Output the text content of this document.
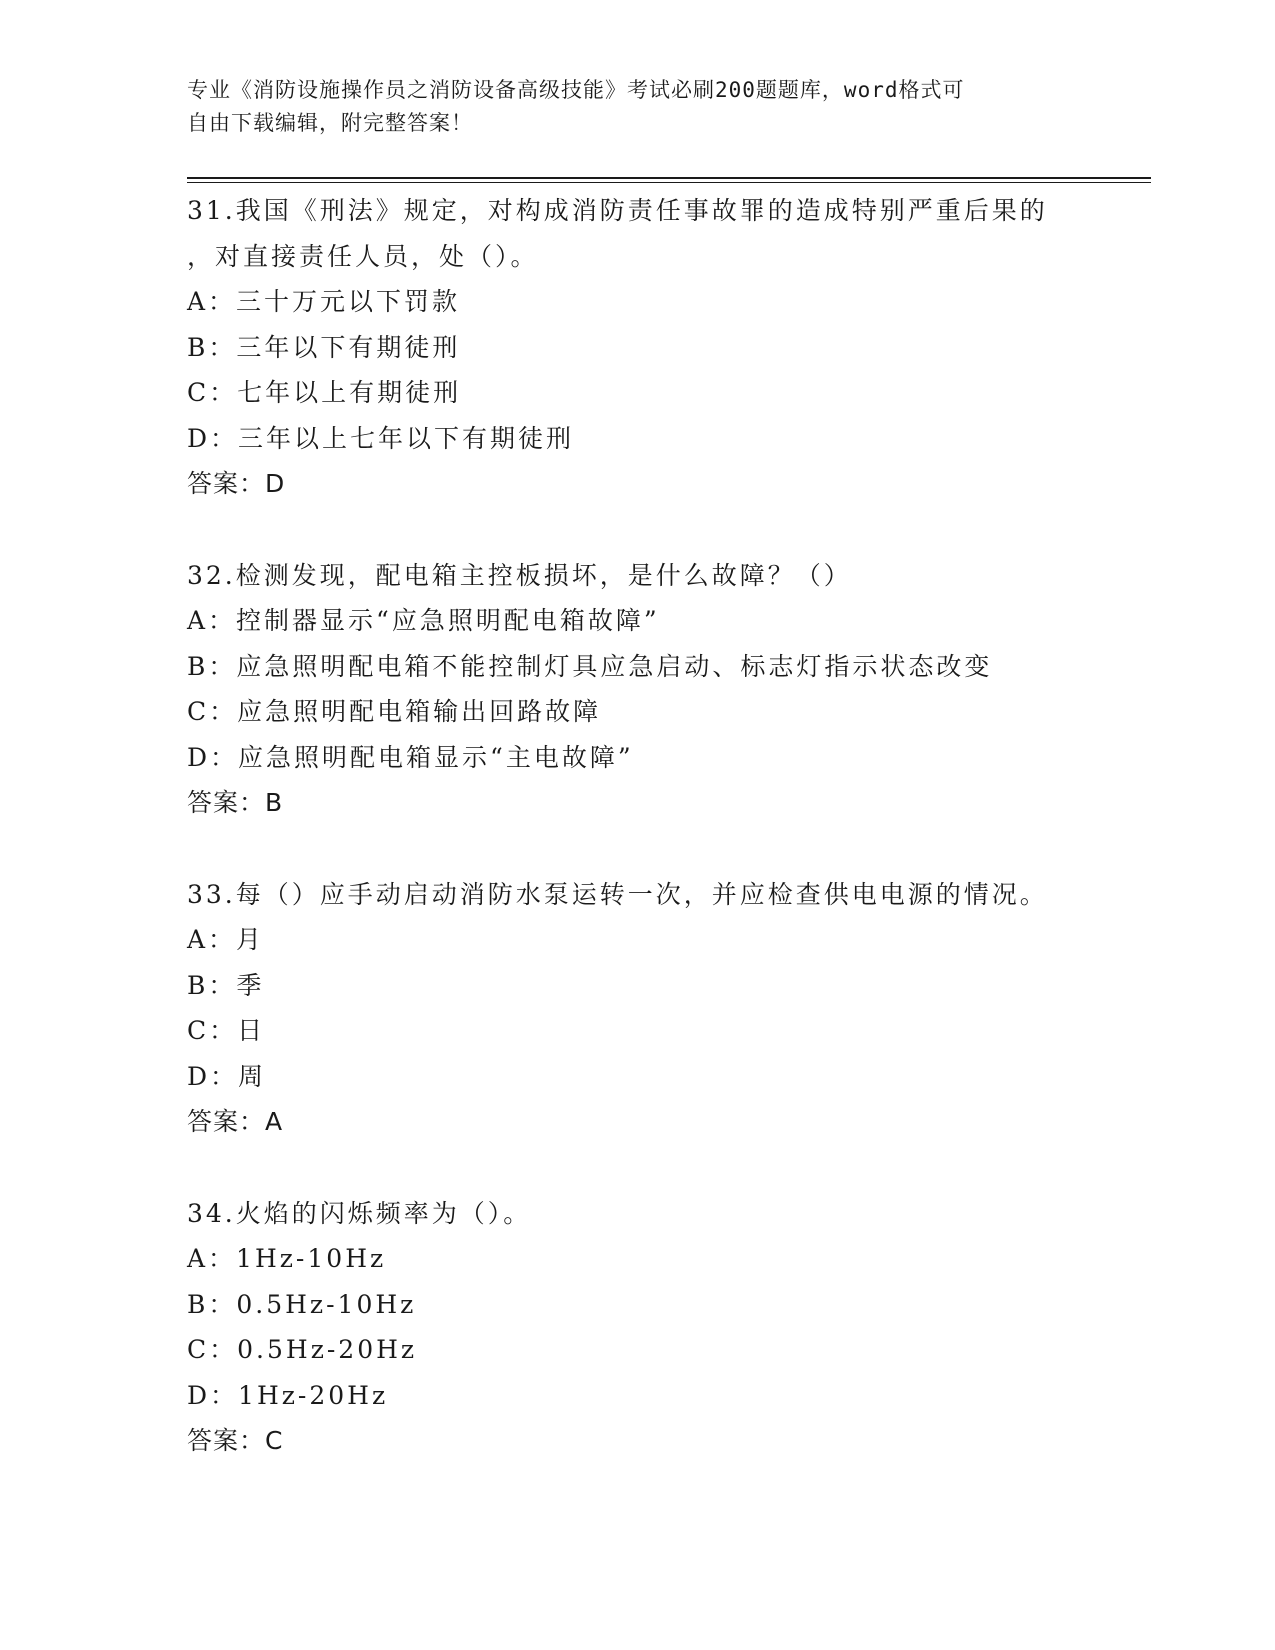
专业《消防设施操作员之消防设备高级技能》考试必刷200题题库，word格式可
自由下载编辑，附完整答案！

31.我国《刑法》规定，对构成消防责任事故罪的造成特别严重后果的
，对直接责任人员，处（）。
A：三十万元以下罚款
B：三年以下有期徒刑
C：七年以上有期徒刑
D：三年以上七年以下有期徒刑
答案：D
32.检测发现，配电箱主控板损坏，是什么故障？（）
A：控制器显示“应急照明配电箱故障”
B：应急照明配电箱不能控制灯具应急启动、标志灯指示状态改变
C：应急照明配电箱输出回路故障
D：应急照明配电箱显示“主电故障”
答案：B
33.每（）应手动启动消防水泵运转一次，并应检查供电电源的情况。
A：月
B：季
C：日
D：周
答案：A
34.火焰的闪烁频率为（）。
A：1Hz-10Hz
B：0.5Hz-10Hz
C：0.5Hz-20Hz
D：1Hz-20Hz
答案：C
